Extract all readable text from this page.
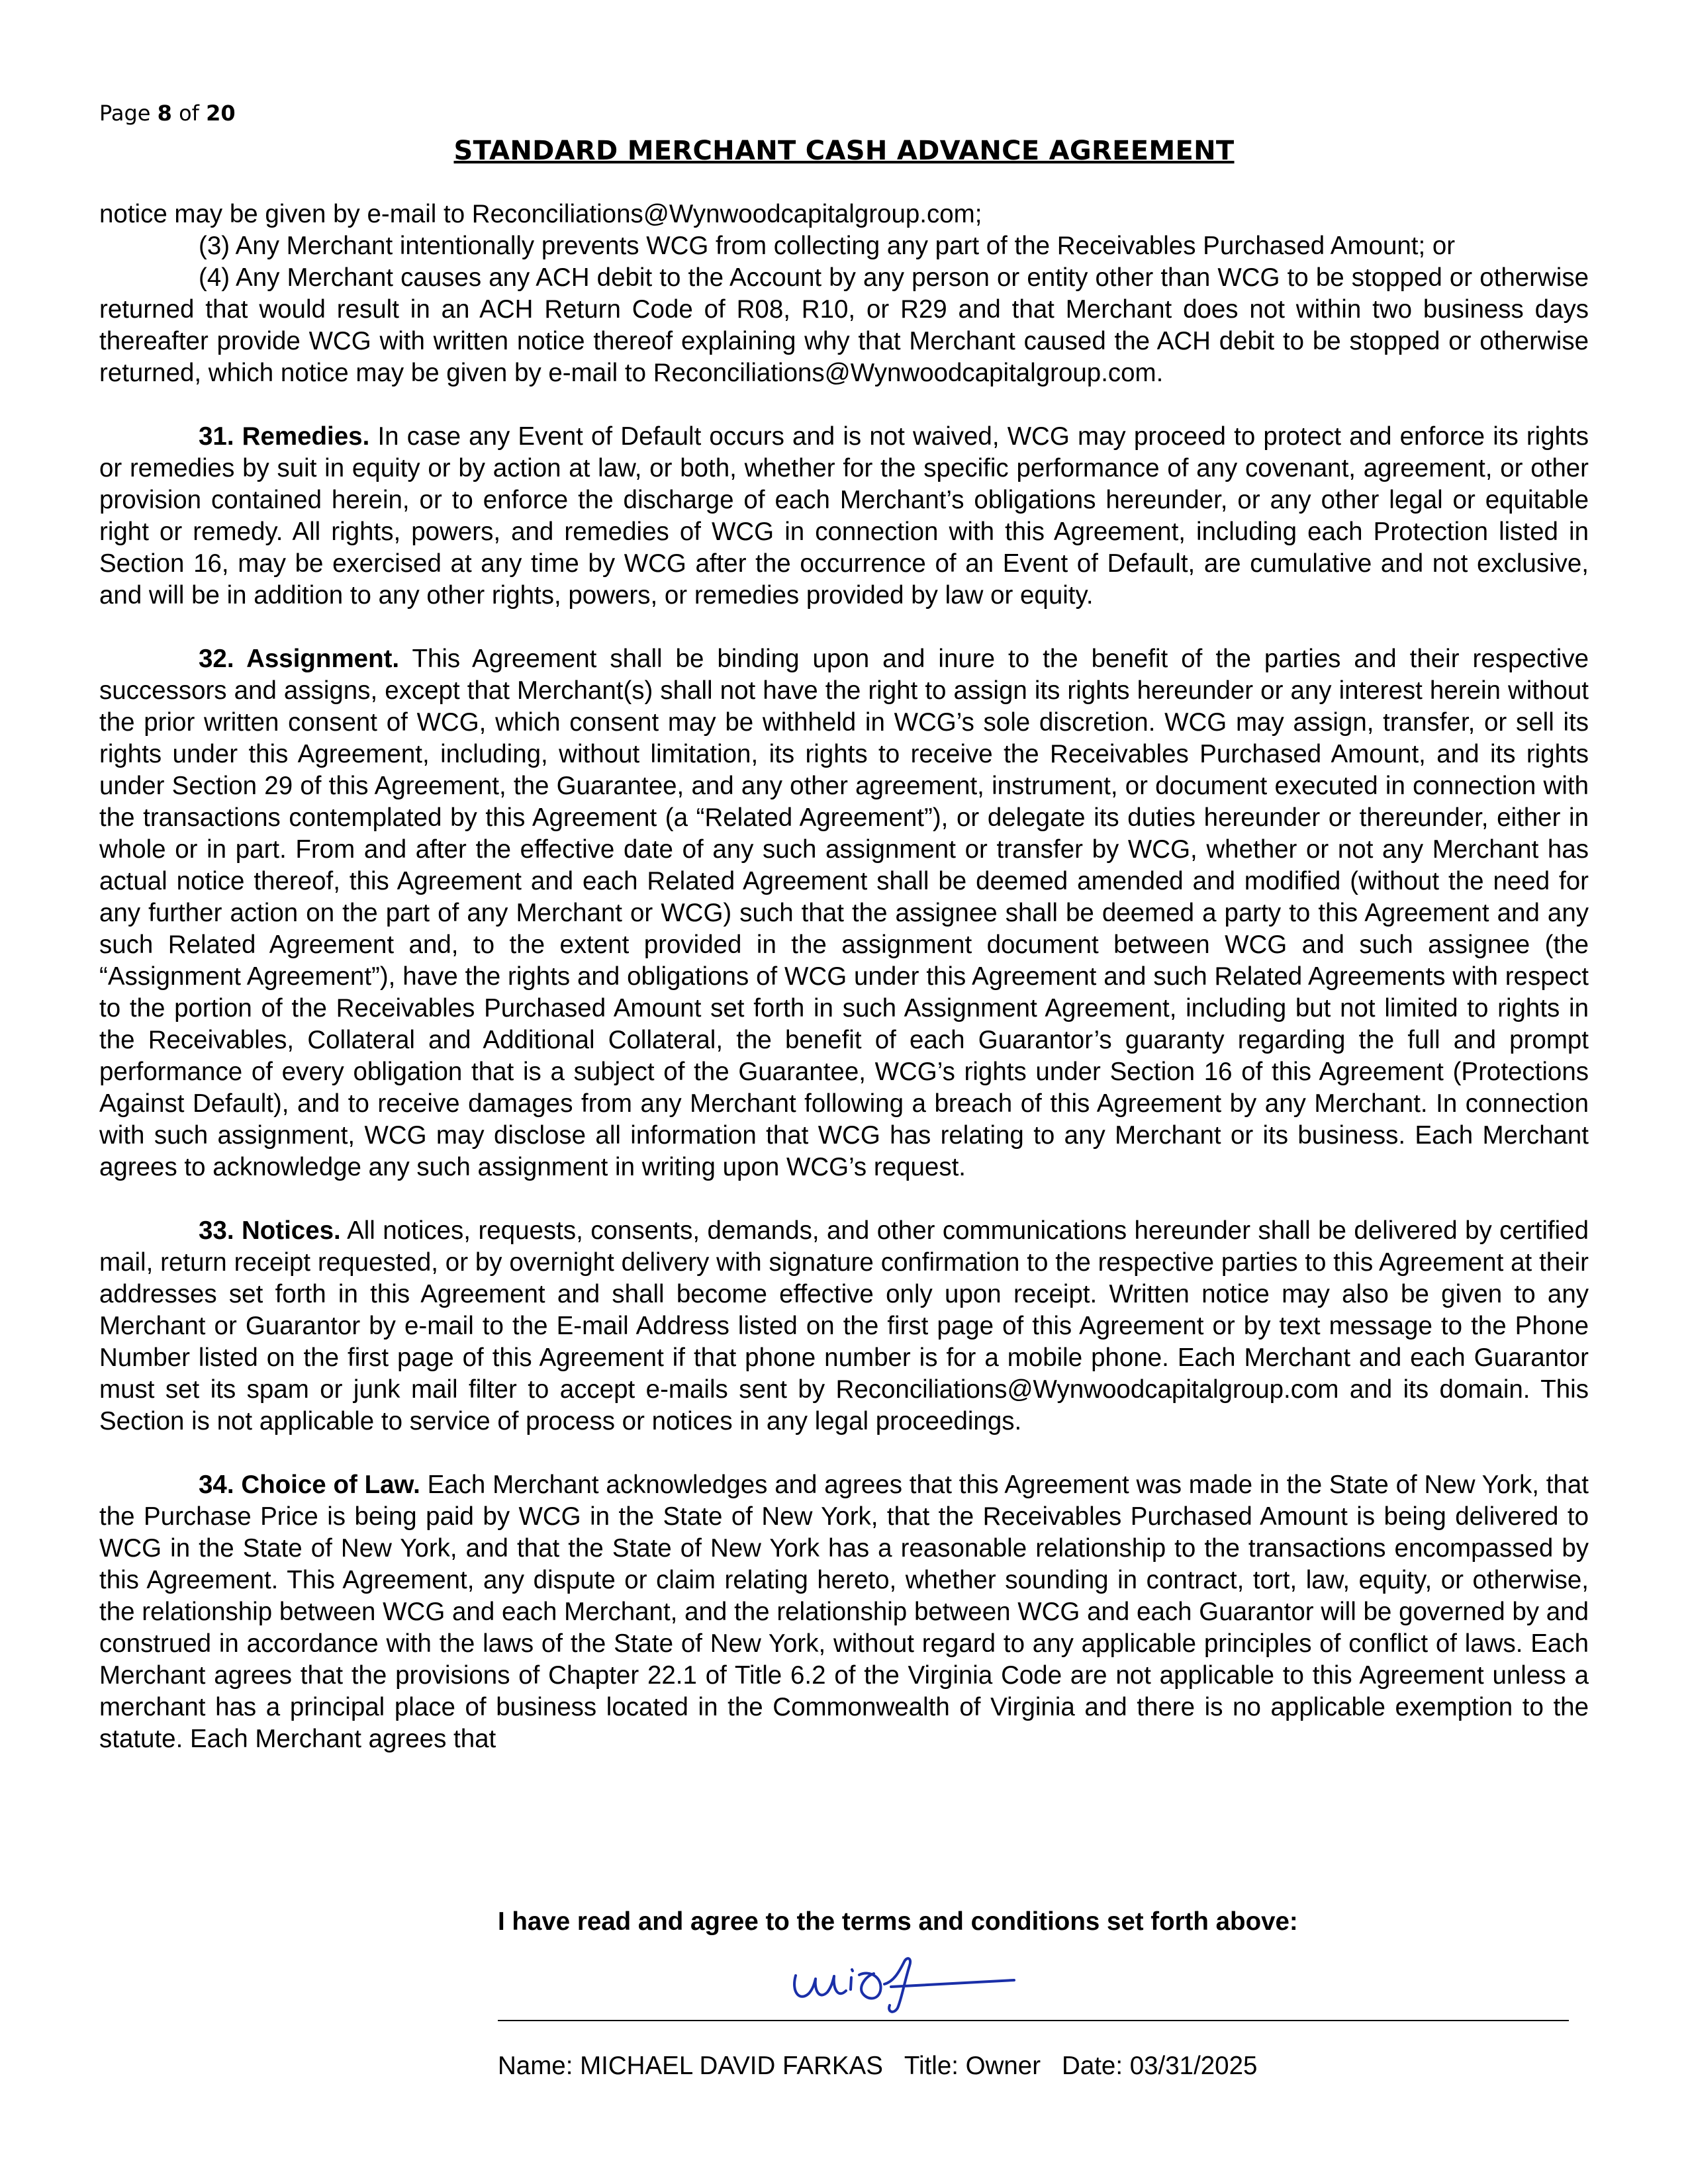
Page 8 of 20
STANDARD MERCHANT CASH ADVANCE AGREEMENT

notice may be given by e-mail to Reconciliations@Wynwoodcapitalgroup.com;

(3) Any Merchant intentionally prevents WCG from collecting any part of the Receivables Purchased Amount; or

(4) Any Merchant causes any ACH debit to the Account by any person or entity other than WCG to be stopped or otherwise returned that would result in an ACH Return Code of R08, R10, or R29 and that Merchant does not within two business days thereafter provide WCG with written notice thereof explaining why that Merchant caused the ACH debit to be stopped or otherwise returned, which notice may be given by e-mail to Reconciliations@Wynwoodcapitalgroup.com.

31. Remedies. In case any Event of Default occurs and is not waived, WCG may proceed to protect and enforce its rights or remedies by suit in equity or by action at law, or both, whether for the specific performance of any covenant, agreement, or other provision contained herein, or to enforce the discharge of each Merchant’s obligations hereunder, or any other legal or equitable right or remedy. All rights, powers, and remedies of WCG in connection with this Agreement, including each Protection listed in Section 16, may be exercised at any time by WCG after the occurrence of an Event of Default, are cumulative and not exclusive, and will be in addition to any other rights, powers, or remedies provided by law or equity.

32. Assignment. This Agreement shall be binding upon and inure to the benefit of the parties and their respective successors and assigns, except that Merchant(s) shall not have the right to assign its rights hereunder or any interest herein without the prior written consent of WCG, which consent may be withheld in WCG’s sole discretion. WCG may assign, transfer, or sell its rights under this Agreement, including, without limitation, its rights to receive the Receivables Purchased Amount, and its rights under Section 29 of this Agreement, the Guarantee, and any other agreement, instrument, or document executed in connection with the transactions contemplated by this Agreement (a “Related Agreement”), or delegate its duties hereunder or thereunder, either in whole or in part. From and after the effective date of any such assignment or transfer by WCG, whether or not any Merchant has actual notice thereof, this Agreement and each Related Agreement shall be deemed amended and modified (without the need for any further action on the part of any Merchant or WCG) such that the assignee shall be deemed a party to this Agreement and any such Related Agreement and, to the extent provided in the assignment document between WCG and such assignee (the “Assignment Agreement”), have the rights and obligations of WCG under this Agreement and such Related Agreements with respect to the portion of the Receivables Purchased Amount set forth in such Assignment Agreement, including but not limited to rights in the Receivables, Collateral and Additional Collateral, the benefit of each Guarantor’s guaranty regarding the full and prompt performance of every obligation that is a subject of the Guarantee, WCG’s rights under Section 16 of this Agreement (Protections Against Default), and to receive damages from any Merchant following a breach of this Agreement by any Merchant. In connection with such assignment, WCG may disclose all information that WCG has relating to any Merchant or its business. Each Merchant agrees to acknowledge any such assignment in writing upon WCG’s request.

33. Notices. All notices, requests, consents, demands, and other communications hereunder shall be delivered by certified mail, return receipt requested, or by overnight delivery with signature confirmation to the respective parties to this Agreement at their addresses set forth in this Agreement and shall become effective only upon receipt. Written notice may also be given to any Merchant or Guarantor by e-mail to the E-mail Address listed on the first page of this Agreement or by text message to the Phone Number listed on the first page of this Agreement if that phone number is for a mobile phone. Each Merchant and each Guarantor must set its spam or junk mail filter to accept e-mails sent by Reconciliations@Wynwoodcapitalgroup.com and its domain. This Section is not applicable to service of process or notices in any legal proceedings.

34. Choice of Law. Each Merchant acknowledges and agrees that this Agreement was made in the State of New York, that the Purchase Price is being paid by WCG in the State of New York, that the Receivables Purchased Amount is being delivered to WCG in the State of New York, and that the State of New York has a reasonable relationship to the transactions encompassed by this Agreement. This Agreement, any dispute or claim relating hereto, whether sounding in contract, tort, law, equity, or otherwise, the relationship between WCG and each Merchant, and the relationship between WCG and each Guarantor will be governed by and construed in accordance with the laws of the State of New York, without regard to any applicable principles of conflict of laws. Each Merchant agrees that the provisions of Chapter 22.1 of Title 6.2 of the Virginia Code are not applicable to this Agreement unless a merchant has a principal place of business located in the Commonwealth of Virginia and there is no applicable exemption to the statute. Each Merchant agrees that

I have read and agree to the terms and conditions set forth above:
Name: MICHAEL DAVID FARKAS Title: Owner Date: 03/31/2025
